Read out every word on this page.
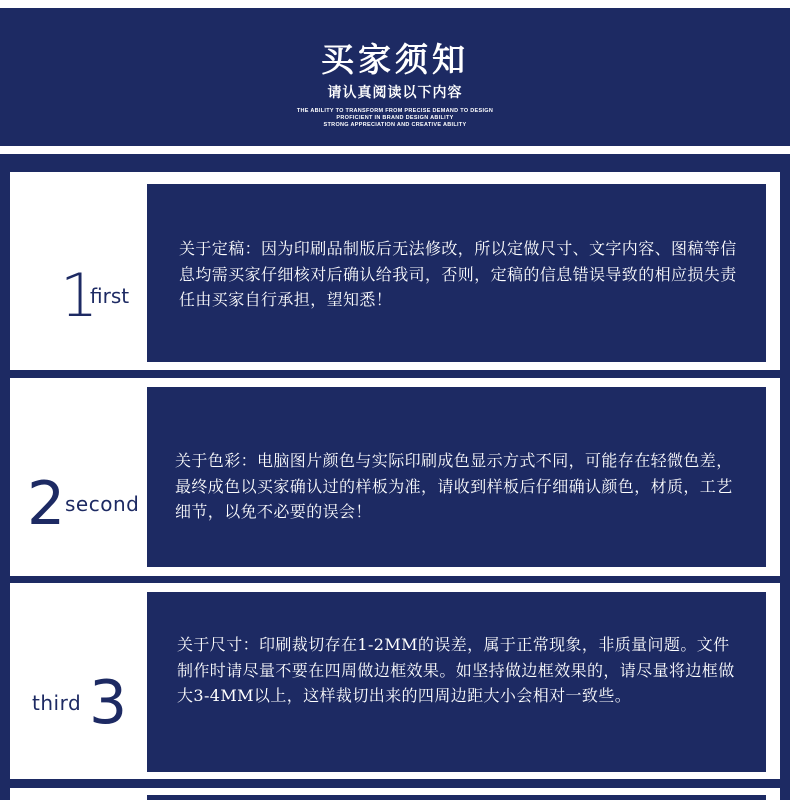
买家须知
请认真阅读以下内容
THE ABILITY TO TRANSFORM FROM PRECISE DEMAND TO DESIGN
PROFICIENT IN BRAND DESIGN ABILITY
STRONG APPRECIATION AND CREATIVE ABILITY
1
first
关于定稿：因为印刷品制版后无法修改，所以定做尺寸、文字内容、图稿等信息均需买家仔细核对后确认给我司，否则，定稿的信息错误导致的相应损失责任由买家自行承担，望知悉！
2 second
关于色彩：电脑图片颜色与实际印刷成色显示方式不同，可能存在轻微色差，最终成色以买家确认过的样板为准，请收到样板后仔细确认颜色，材质，工艺细节，以免不必要的误会！
third 3
关于尺寸：印刷裁切存在1-2MM的误差，属于正常现象，非质量问题。文件制作时请尽量不要在四周做边框效果。如坚持做边框效果的，请尽量将边框做大3-4MM以上，这样裁切出来的四周边距大小会相对一致些。
